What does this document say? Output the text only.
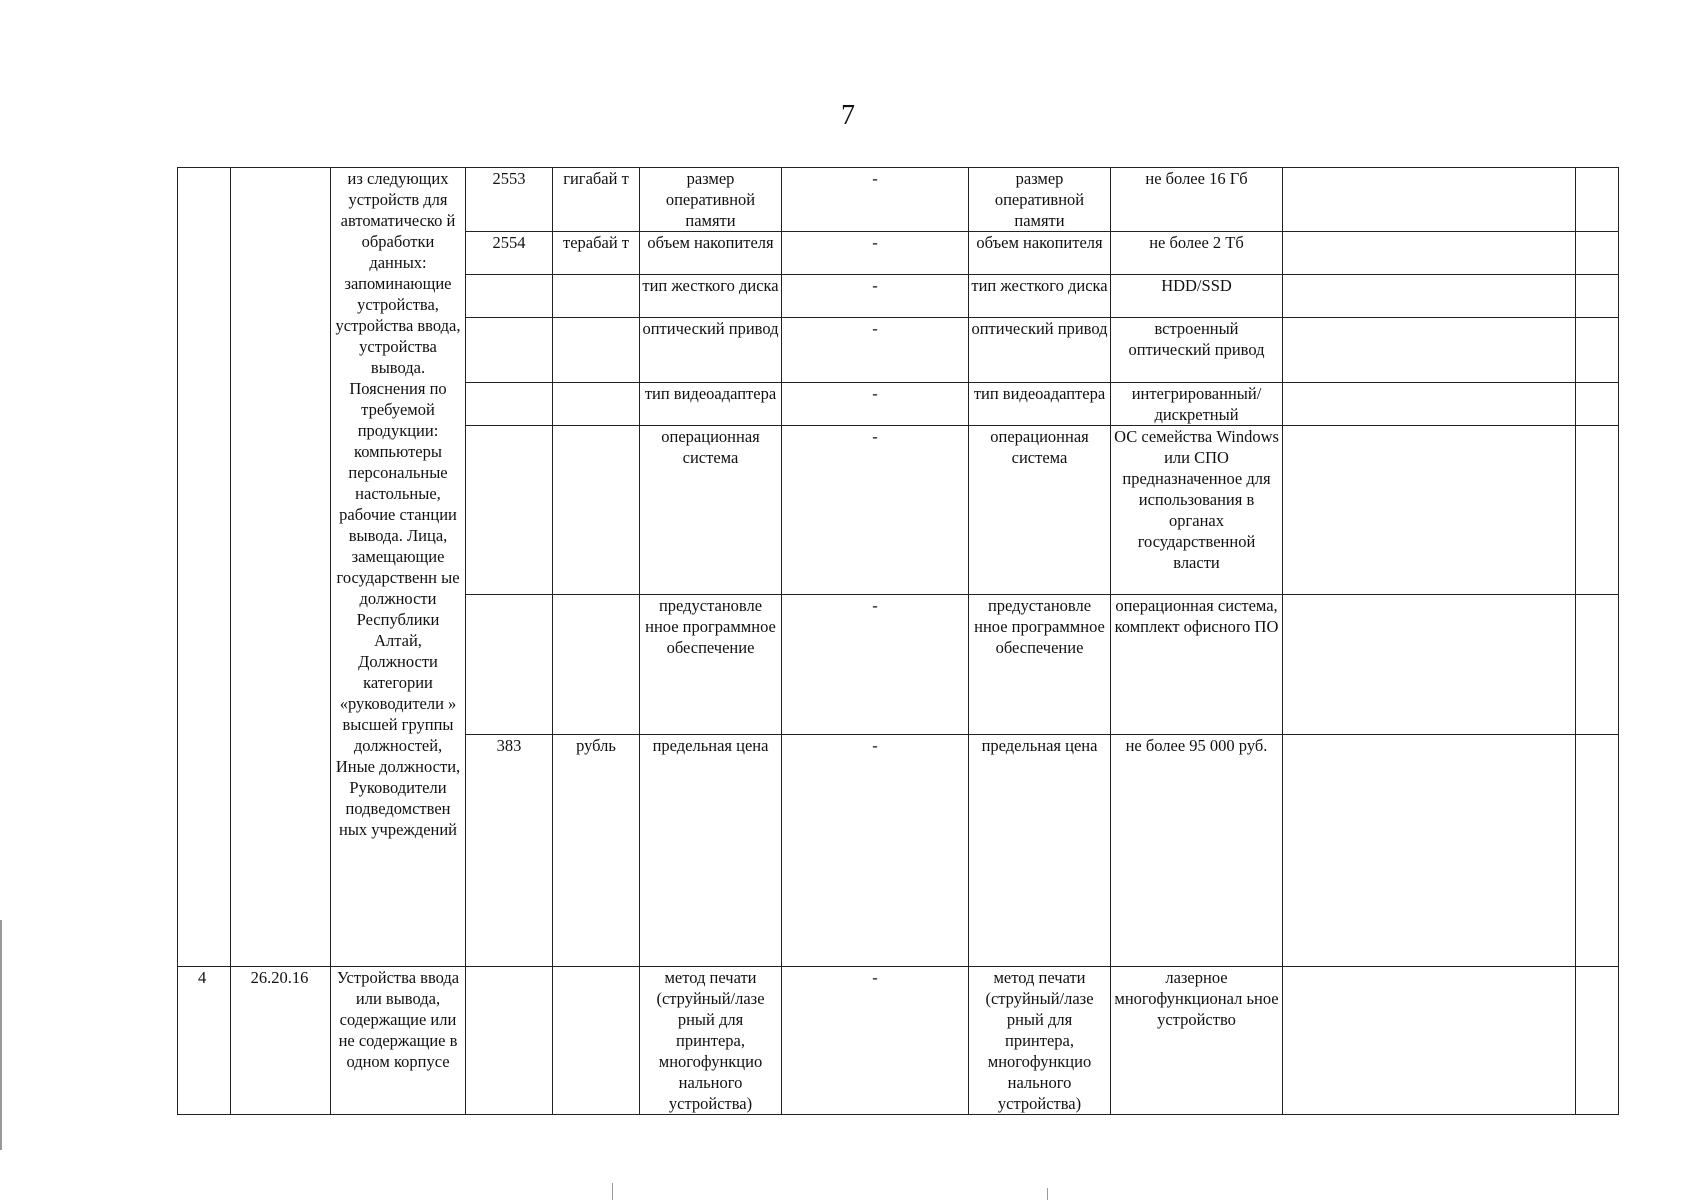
7
		из следующих устройств для автоматическо й обработки данных: запоминающие устройства, устройства ввода, устройства вывода. Пояснения по требуемой продукции: компьютеры персональные настольные, рабочие станции вывода. Лица, замещающие государственн ые должности Республики Алтай, Должности категории «руководители » высшей группы должностей, Иные должности, Руководители подведомствен ных учреждений	2553	гигабай т	размер оперативной памяти	-	размер оперативной памяти	не более 16 Гб		
			2554	терабай т	объем накопителя	-	объем накопителя	не более 2 Тб		
					тип жесткого диска	-	тип жесткого диска	HDD/SSD		
					оптический привод	-	оптический привод	встроенный оптический привод		
					тип видеоадаптера	-	тип видеоадаптера	интегрированный/ дискретный		
					операционная система	-	операционная система	ОС семейства Windows или СПО предназначенное для использования в органах государственной власти		
					предустановле нное программное обеспечение	-	предустановле нное программное обеспечение	операционная система, комплект офисного ПО		
			383	рубль	предельная цена	-	предельная цена	не более 95 000 руб.		
4	26.20.16	Устройства ввода или вывода, содержащие или не содержащие в одном корпусе			метод печати (струйный/лазе рный для принтера, многофункцио нального устройства)	-	метод печати (струйный/лазе рный для принтера, многофункцио нального устройства)	лазерное многофункционал ьное устройство		
